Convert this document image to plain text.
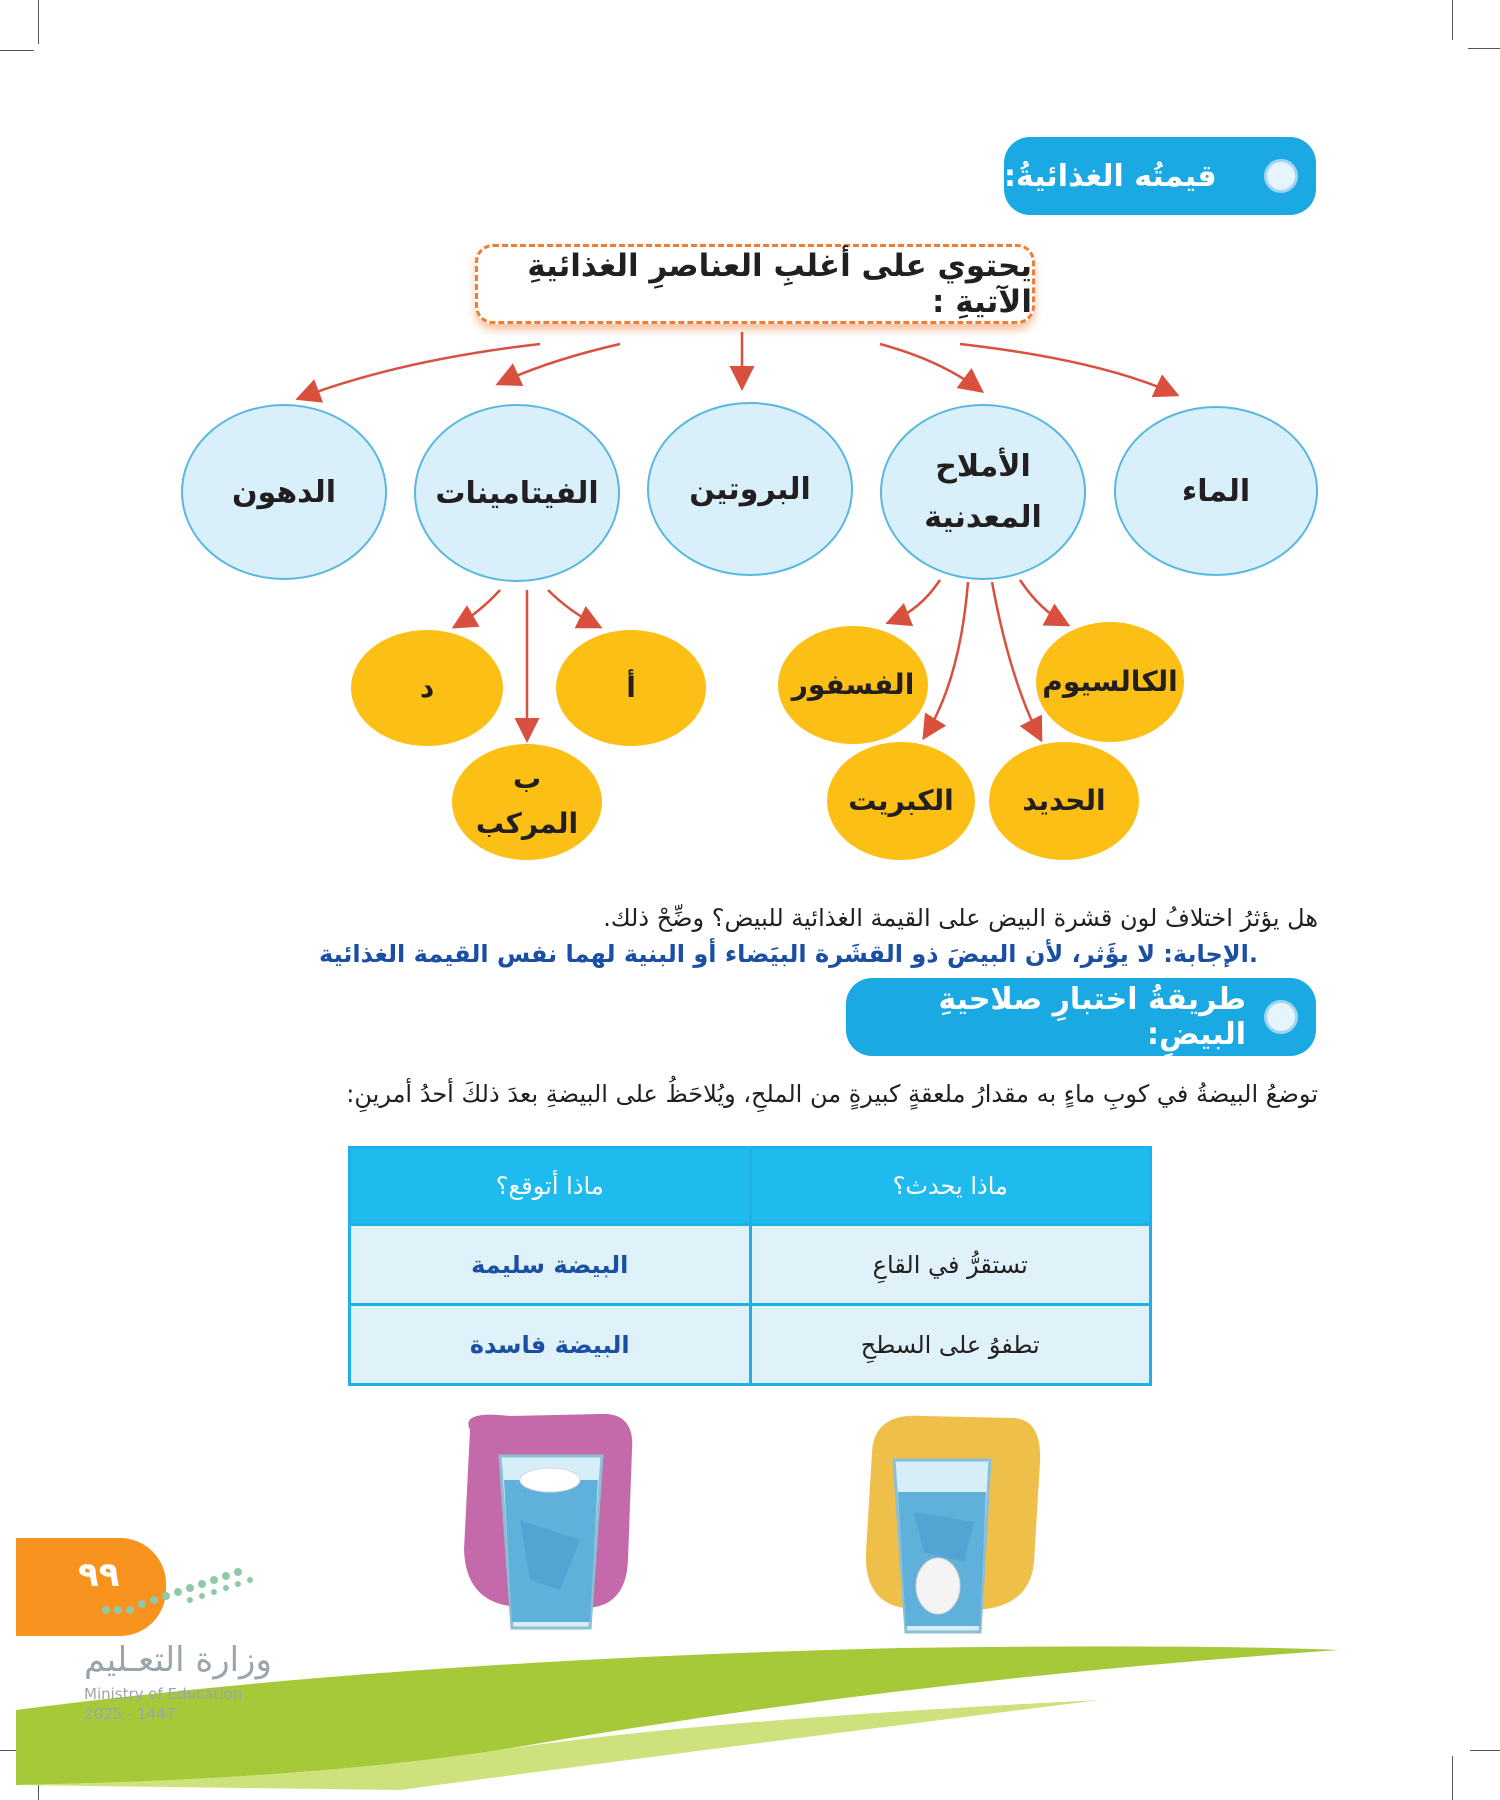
قيمتُه الغذائيةُ:
يحتوي على أغلبِ العناصرِ الغذائيةِ الآتيةِ :
الماء
الأملاح
المعدنية
البروتين
الفيتامينات
الدهون
الكالسيوم
الفسفور
الحديد
الكبريت
أ
د
ب
المركب
هل يؤثرُ اختلافُ لون قشرة البيض على القيمة الغذائية للبيض؟ وضِّحْ ذلك.
.الإجابة: لا يؤَثر، لأن البيضَ ذو القشَرة البيَضاء أو البنية لهما نفس القيمة الغذائية
طريقةُ اختبارِ صلاحيةِ البيضِ:
توضعُ البيضةُ في كوبِ ماءٍ به مقدارُ ملعقةٍ كبيرةٍ من الملحِ، ويُلاحَظُ على البيضةِ بعدَ ذلكَ أحدُ أمرينِ:
ماذا يحدث؟	ماذا أتوقع؟
تستقرُّ في القاعِ	البيضة سليمة
تطفوُ على السطحِ	البيضة فاسدة
٩٩
وزارة التعـليم
Ministry of Education
2025 - 1447
